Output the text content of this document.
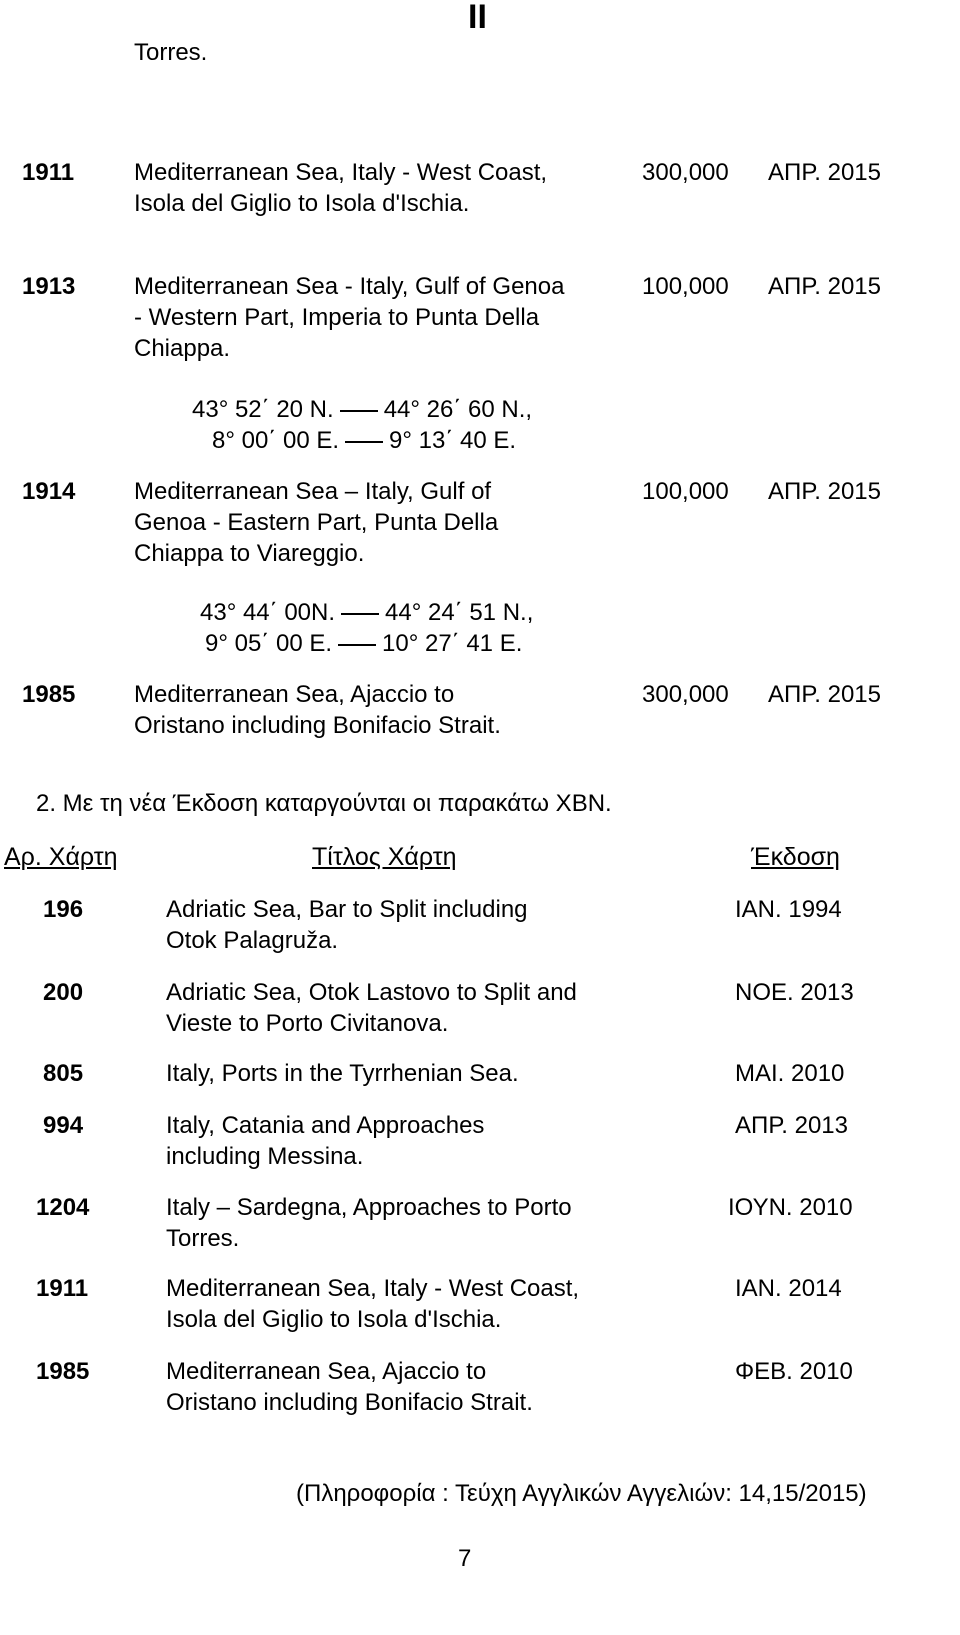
II
Torres.
1911 Mediterranean Sea, Italy - West Coast,
Isola del Giglio to Isola d'Ischia.
300,000 ΑΠΡ. 2015
1913 Mediterranean Sea - Italy, Gulf of Genoa
- Western Part, Imperia to Punta Della
Chiappa.
100,000 ΑΠΡ. 2015
43° 52΄ 20 N. 44° 26΄ 60 N.,
8° 00΄ 00 E. 9° 13΄ 40 E.
1914 Mediterranean Sea – Italy, Gulf of
Genoa - Eastern Part, Punta Della
Chiappa to Viareggio.
100,000 ΑΠΡ. 2015
43° 44΄ 00N. 44° 24΄ 51 N.,
9° 05΄ 00 E. 10° 27΄ 41 E.
1985 Mediterranean Sea, Ajaccio to
Oristano including Bonifacio Strait.
300,000 ΑΠΡ. 2015
2. Με τη νέα Έκδοση καταργούνται οι παρακάτω ΧΒΝ.
Αρ. Χάρτη	Τίτλος Χάρτη	Έκδοση
196	Adriatic Sea, Bar to Split including
Otok Palagruža.
ΙΑΝ. 1994
200	Adriatic Sea, Otok Lastovo to Split and
Vieste to Porto Civitanova.
ΝΟΕ. 2013
805	Italy, Ports in the Tyrrhenian Sea.	ΜΑΙ. 2010
994	Italy, Catania and Approaches
including Messina.
ΑΠΡ. 2013
1204	Italy – Sardegna, Approaches to Porto
Torres.
ΙΟΥΝ. 2010
1911	Mediterranean Sea, Italy - West Coast,
Isola del Giglio to Isola d'Ischia.
ΙΑΝ. 2014
1985	Mediterranean Sea, Ajaccio to
Oristano including Bonifacio Strait.
ΦΕΒ. 2010
(Πληροφορία : Τεύχη Αγγλικών Αγγελιών: 14,15/2015)
7
